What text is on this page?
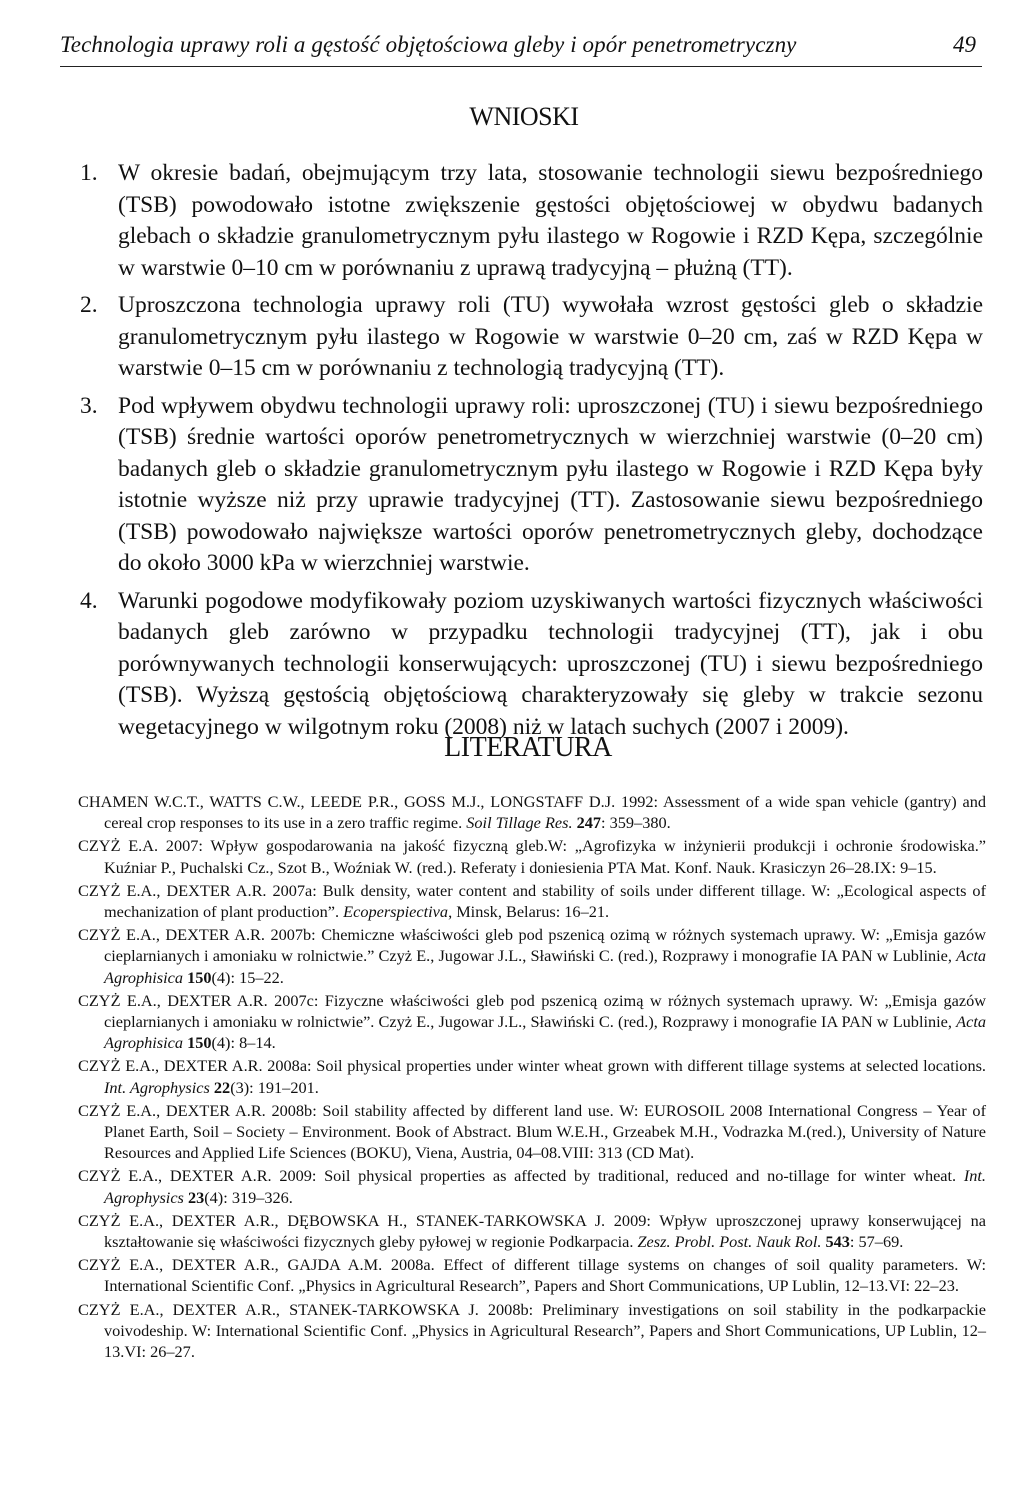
Technologia uprawy roli a gęstość objętościowa gleby i opór penetrometryczny	49
WNIOSKI
1. W okresie badań, obejmującym trzy lata, stosowanie technologii siewu bezpośredniego (TSB) powodowało istotne zwiększenie gęstości objętościowej w obydwu badanych glebach o składzie granulometrycznym pyłu ilastego w Rogowie i RZD Kępa, szczególnie w warstwie 0–10 cm w porównaniu z uprawą tradycyjną – płużną (TT).
2. Uproszczona technologia uprawy roli (TU) wywołała wzrost gęstości gleb o składzie granulometrycznym pyłu ilastego w Rogowie w warstwie 0–20 cm, zaś w RZD Kępa w warstwie 0–15 cm w porównaniu z technologią tradycyjną (TT).
3. Pod wpływem obydwu technologii uprawy roli: uproszczonej (TU) i siewu bezpośredniego (TSB) średnie wartości oporów penetrometrycznych w wierzchniej warstwie (0–20 cm) badanych gleb o składzie granulometrycznym pyłu ilastego w Rogowie i RZD Kępa były istotnie wyższe niż przy uprawie tradycyjnej (TT). Zastosowanie siewu bezpośredniego (TSB) powodowało największe wartości oporów penetrometrycznych gleby, dochodzące do około 3000 kPa w wierzchniej warstwie.
4. Warunki pogodowe modyfikowały poziom uzyskiwanych wartości fizycznych właściwości badanych gleb zarówno w przypadku technologii tradycyjnej (TT), jak i obu porównywanych technologii konserwujących: uproszczonej (TU) i siewu bezpośredniego (TSB). Wyższą gęstością objętościową charakteryzowały się gleby w trakcie sezonu wegetacyjnego w wilgotnym roku (2008) niż w latach suchych (2007 i 2009).
LITERATURA
CHAMEN W.C.T., WATTS C.W., LEEDE P.R., GOSS M.J., LONGSTAFF D.J. 1992: Assessment of a wide span vehicle (gantry) and cereal crop responses to its use in a zero traffic regime. Soil Tillage Res. 247: 359–380.
CZYŻ E.A. 2007: Wpływ gospodarowania na jakość fizyczną gleb.W: „Agrofizyka w inżynierii produkcji i ochronie środowiska.” Kuźniar P., Puchalski Cz., Szot B., Woźniak W. (red.). Referaty i doniesienia PTA Mat. Konf. Nauk. Krasiczyn 26–28.IX: 9–15.
CZYŻ E.A., DEXTER A.R. 2007a: Bulk density, water content and stability of soils under different tillage. W: „Ecological aspects of mechanization of plant production”. Ecoperspiectiva, Minsk, Belarus: 16–21.
CZYŻ E.A., DEXTER A.R. 2007b: Chemiczne właściwości gleb pod pszenicą ozimą w różnych systemach uprawy. W: „Emisja gazów cieplarnianych i amoniaku w rolnictwie.” Czyż E., Jugowar J.L., Sławiński C. (red.), Rozprawy i monografie IA PAN w Lublinie, Acta Agrophisica 150(4): 15–22.
CZYŻ E.A., DEXTER A.R. 2007c: Fizyczne właściwości gleb pod pszenicą ozimą w różnych systemach uprawy. W: „Emisja gazów cieplarnianych i amoniaku w rolnictwie”. Czyż E., Jugowar J.L., Sławiński C. (red.), Rozprawy i monografie IA PAN w Lublinie, Acta Agrophisica 150(4): 8–14.
CZYŻ E.A., DEXTER A.R. 2008a: Soil physical properties under winter wheat grown with different tillage systems at selected locations. Int. Agrophysics 22(3): 191–201.
CZYŻ E.A., DEXTER A.R. 2008b: Soil stability affected by different land use. W: EUROSOIL 2008 International Congress – Year of Planet Earth, Soil – Society – Environment. Book of Abstract. Blum W.E.H., Grzeabek M.H., Vodrazka M.(red.), University of Nature Resources and Applied Life Sciences (BOKU), Viena, Austria, 04–08.VIII: 313 (CD Mat).
CZYŻ E.A., DEXTER A.R. 2009: Soil physical properties as affected by traditional, reduced and no-tillage for winter wheat. Int. Agrophysics 23(4): 319–326.
CZYŻ E.A., DEXTER A.R., DĘBOWSKA H., STANEK-TARKOWSKA J. 2009: Wpływ uproszczonej uprawy konserwującej na kształtowanie się właściwości fizycznych gleby pyłowej w regionie Podkarpacia. Zesz. Probl. Post. Nauk Rol. 543: 57–69.
CZYŻ E.A., DEXTER A.R., GAJDA A.M. 2008a. Effect of different tillage systems on changes of soil quality parameters. W: International Scientific Conf. „Physics in Agricultural Research”, Papers and Short Communications, UP Lublin, 12–13.VI: 22–23.
CZYŻ E.A., DEXTER A.R., STANEK-TARKOWSKA J. 2008b: Preliminary investigations on soil stability in the podkarpackie voivodeship. W: International Scientific Conf. „Physics in Agricultural Research”, Papers and Short Communications, UP Lublin, 12–13.VI: 26–27.
